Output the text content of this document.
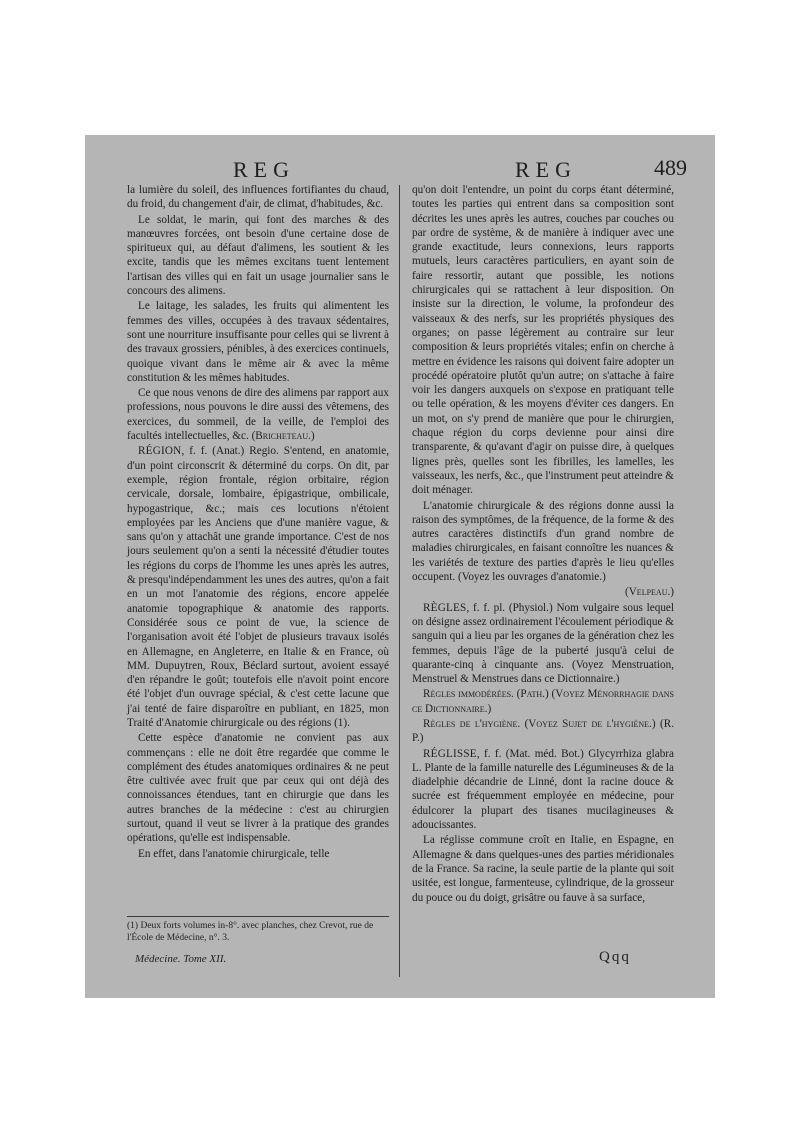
REG	REG	489

la lumière du soleil, des influences fortifiantes du chaud, du froid, du changement d'air, de climat, d'habitudes, &c.

Le soldat, le marin, qui font des marches & des manœuvres forcées, ont besoin d'une certaine dose de spiritueux qui, au défaut d'alimens, les soutient & les excite, tandis que les mêmes excitans tuent lentement l'artisan des villes qui en fait un usage journalier sans le concours des alimens.

Le laitage, les salades, les fruits qui alimentent les femmes des villes, occupées à des travaux sédentaires, sont une nourriture insuffisante pour celles qui se livrent à des travaux grossiers, pénibles, à des exercices continuels, quoique vivant dans le même air & avec la même constitution & les mêmes habitudes.

Ce que nous venons de dire des alimens par rapport aux professions, nous pouvons le dire aussi des vêtemens, des exercices, du sommeil, de la veille, de l'emploi des facultés intellectuelles, &c. (Bricheteau.)

RÉGION, f. f. (Anat.) Regio. S'entend, en anatomie, d'un point circonscrit & déterminé du corps. On dit, par exemple, région frontale, région orbitaire, région cervicale, dorsale, lombaire, épigastrique, ombilicale, hypogastrique, &c.; mais ces locutions n'étoient employées par les Anciens que d'une manière vague, & sans qu'on y attachât une grande importance. C'est de nos jours seulement qu'on a senti la nécessité d'étudier toutes les régions du corps de l'homme les unes après les autres, & presqu'indépendamment les unes des autres, qu'on a fait en un mot l'anatomie des régions, encore appelée anatomie topographique & anatomie des rapports. Considérée sous ce point de vue, la science de l'organisation avoit été l'objet de plusieurs travaux isolés en Allemagne, en Angleterre, en Italie & en France, où MM. Dupuytren, Roux, Béclard surtout, avoient essayé d'en répandre le goût; toutefois elle n'avoit point encore été l'objet d'un ouvrage spécial, & c'est cette lacune que j'ai tenté de faire disparoître en publiant, en 1825, mon Traité d'Anatomie chirurgicale ou des régions (1).

Cette espèce d'anatomie ne convient pas aux commençans : elle ne doit être regardée que comme le complément des études anatomiques ordinaires & ne peut être cultivée avec fruit que par ceux qui ont déjà des connoissances étendues, tant en chirurgie que dans les autres branches de la médecine : c'est au chirurgien surtout, quand il veut se livrer à la pratique des grandes opérations, qu'elle est indispensable.

En effet, dans l'anatomie chirurgicale, telle

qu'on doit l'entendre, un point du corps étant déterminé, toutes les parties qui entrent dans sa composition sont décrites les unes après les autres, couches par couches ou par ordre de système, & de manière à indiquer avec une grande exactitude, leurs connexions, leurs rapports mutuels, leurs caractères particuliers, en ayant soin de faire ressortir, autant que possible, les notions chirurgicales qui se rattachent à leur disposition. On insiste sur la direction, le volume, la profondeur des vaisseaux & des nerfs, sur les propriétés physiques des organes; on passe légèrement au contraire sur leur composition & leurs propriétés vitales; enfin on cherche à mettre en évidence les raisons qui doivent faire adopter un procédé opératoire plutôt qu'un autre; on s'attache à faire voir les dangers auxquels on s'expose en pratiquant telle ou telle opération, & les moyens d'éviter ces dangers. En un mot, on s'y prend de manière que pour le chirurgien, chaque région du corps devienne pour ainsi dire transparente, & qu'avant d'agir on puisse dire, à quelques lignes près, quelles sont les fibrilles, les lamelles, les vaisseaux, les nerfs, &c., que l'instrument peut atteindre & doit ménager.

L'anatomie chirurgicale & des régions donne aussi la raison des symptômes, de la fréquence, de la forme & des autres caractères distinctifs d'un grand nombre de maladies chirurgicales, en faisant connoître les nuances & les variétés de texture des parties d'après le lieu qu'elles occupent. (Voyez les ouvrages d'anatomie.)

(Velpeau.)

RÈGLES, f. f. pl. (Physiol.) Nom vulgaire sous lequel on désigne assez ordinairement l'écoulement périodique & sanguin qui a lieu par les organes de la génération chez les femmes, depuis l'âge de la puberté jusqu'à celui de quarante-cinq à cinquante ans. (Voyez Menstruation, Menstruel & Menstrues dans ce Dictionnaire.)

Règles immodérées. (Path.) (Voyez Ménorrhagie dans ce Dictionnaire.)

Règles de l'hygiène. (Voyez Sujet de l'hygiène.) (R. P.)

RÉGLISSE, f. f. (Mat. méd. Bot.) Glycyrrhiza glabra L. Plante de la famille naturelle des Légumineuses & de la diadelphie décandrie de Linné, dont la racine douce & sucrée est fréquemment employée en médecine, pour édulcorer la plupart des tisanes mucilagineuses & adoucissantes.

La réglisse commune croît en Italie, en Espagne, en Allemagne & dans quelques-unes des parties méridionales de la France. Sa racine, la seule partie de la plante qui soit usitée, est longue, farmenteuse, cylindrique, de la grosseur du pouce ou du doigt, grisâtre ou fauve à sa surface,

(1) Deux forts volumes in-8°. avec planches, chez Crevot, rue de l'École de Médecine, n°. 3.
Médecine. Tome XII.	Qqq
